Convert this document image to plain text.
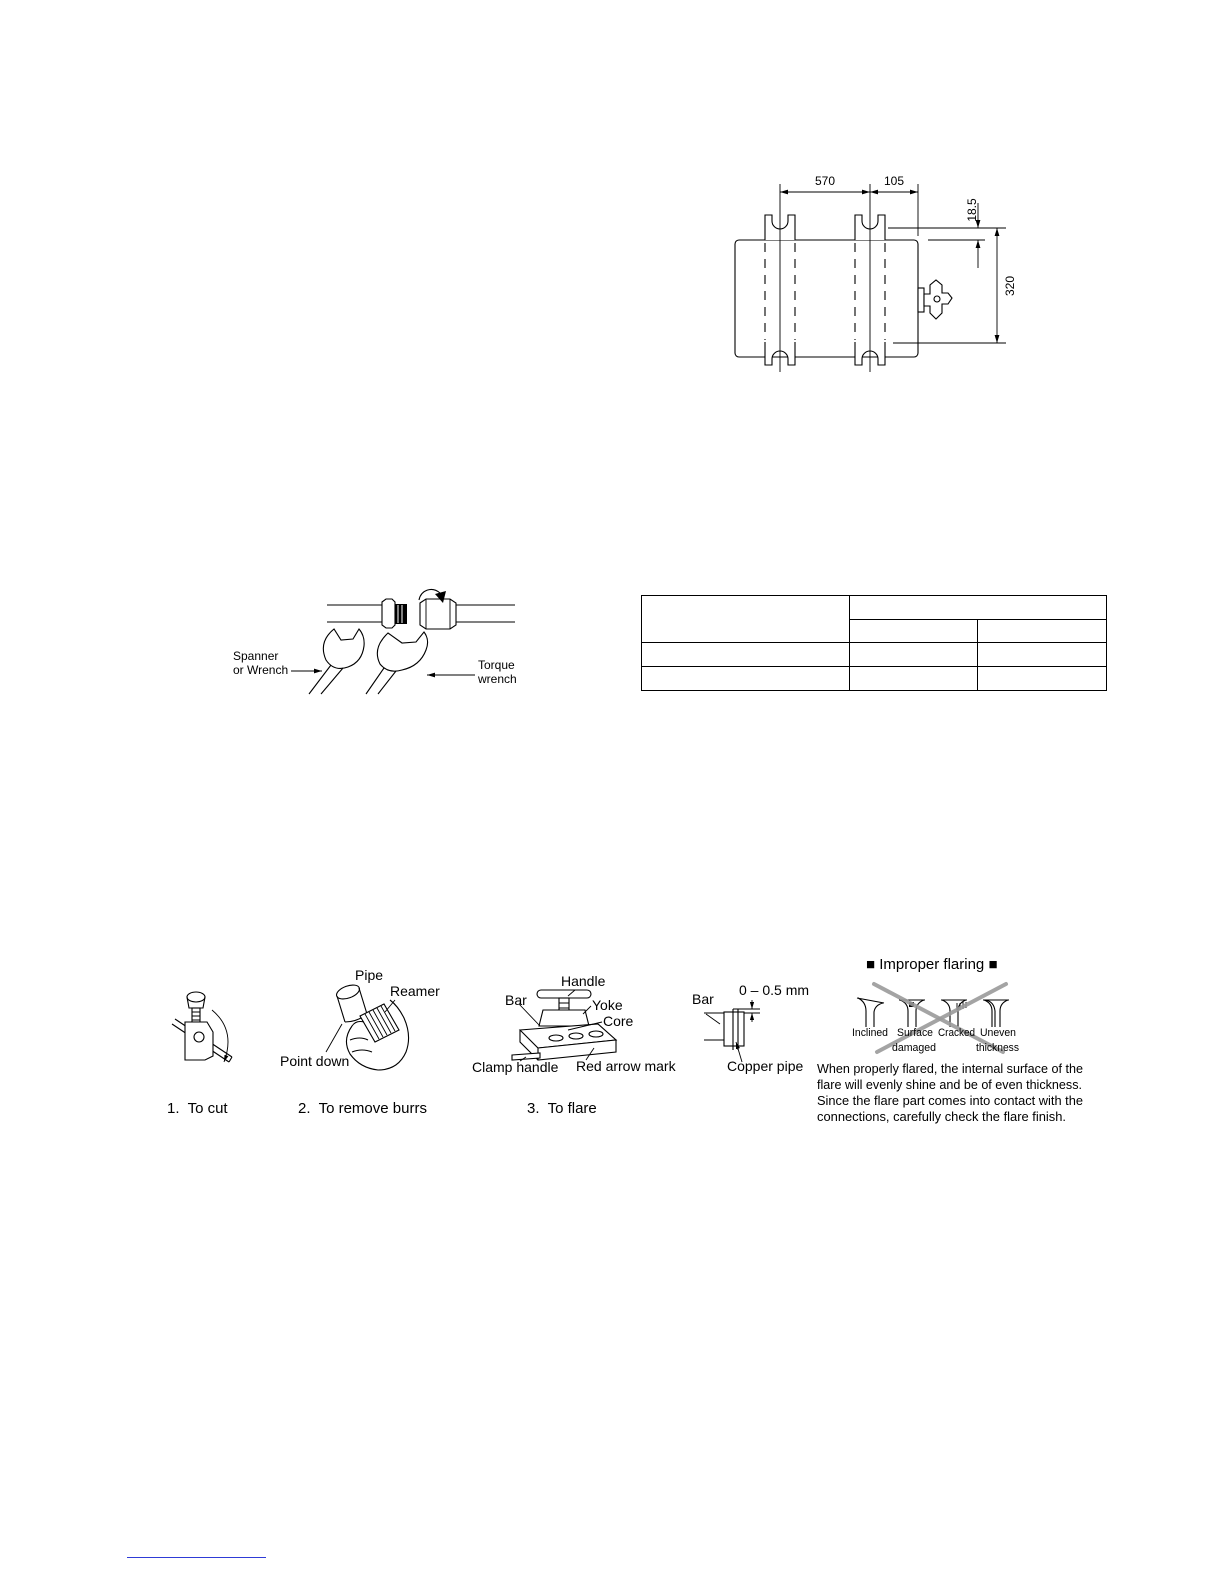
570	105
18.5
320
Spanner
or Wrench	Torque
wrench

1.  To cut
Pipe
Reamer
Point down
2.  To remove burrs
Handle
Bar	Yoke
Core
Clamp handle Red arrow mark
3.  To flare
Bar
0 – 0.5 mm
Copper pipe
■ Improper flaring ■
Inclined Surface
damaged
Cracked Uneven
thickness
When properly flared, the internal surface of the
flare will evenly shine and be of even thickness.
Since the flare part comes into contact with the
connections, carefully check the flare finish.
